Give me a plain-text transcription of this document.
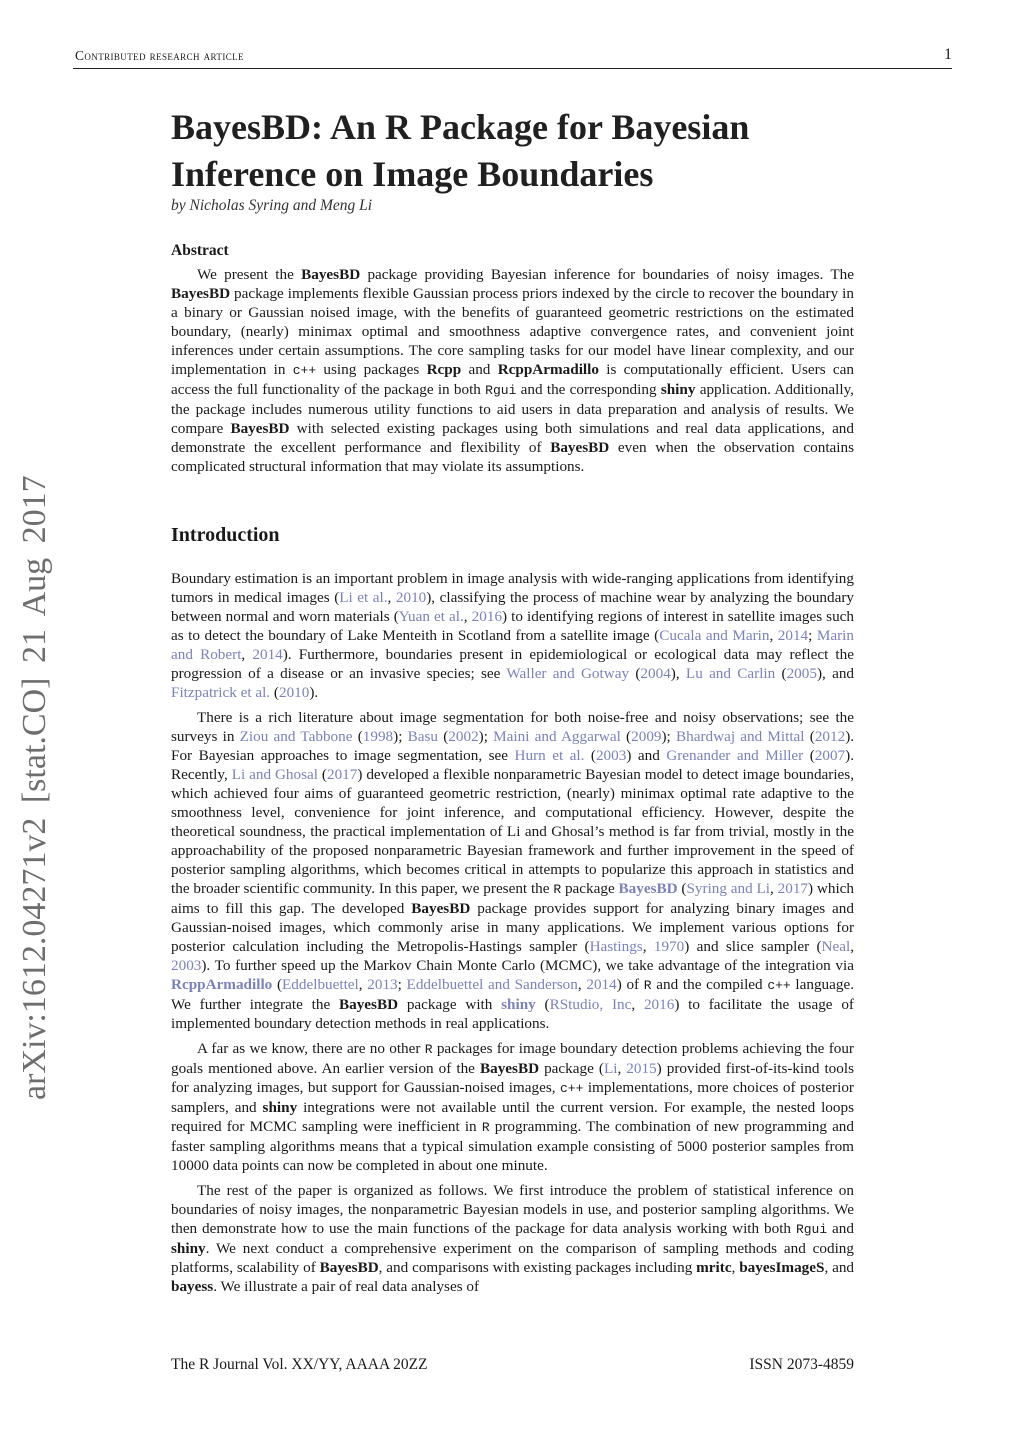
Contributed research article	1
arXiv:1612.04271v2 [stat.CO] 21 Aug 2017
BayesBD: An R Package for Bayesian Inference on Image Boundaries
by Nicholas Syring and Meng Li
Abstract

We present the BayesBD package providing Bayesian inference for boundaries of noisy images. The BayesBD package implements flexible Gaussian process priors indexed by the circle to recover the boundary in a binary or Gaussian noised image, with the benefits of guaranteed geometric restrictions on the estimated boundary, (nearly) minimax optimal and smoothness adaptive convergence rates, and convenient joint inferences under certain assumptions. The core sampling tasks for our model have linear complexity, and our implementation in c++ using packages Rcpp and RcppArmadillo is computationally efficient. Users can access the full functionality of the package in both Rgui and the corresponding shiny application. Additionally, the package includes numerous utility functions to aid users in data preparation and analysis of results. We compare BayesBD with selected existing packages using both simulations and real data applications, and demonstrate the excellent performance and flexibility of BayesBD even when the observation contains complicated structural information that may violate its assumptions.

Introduction

Boundary estimation is an important problem in image analysis with wide-ranging applications from identifying tumors in medical images (Li et al., 2010), classifying the process of machine wear by analyzing the boundary between normal and worn materials (Yuan et al., 2016) to identifying regions of interest in satellite images such as to detect the boundary of Lake Menteith in Scotland from a satellite image (Cucala and Marin, 2014; Marin and Robert, 2014). Furthermore, boundaries present in epidemiological or ecological data may reflect the progression of a disease or an invasive species; see Waller and Gotway (2004), Lu and Carlin (2005), and Fitzpatrick et al. (2010).

There is a rich literature about image segmentation for both noise-free and noisy observations; see the surveys in Ziou and Tabbone (1998); Basu (2002); Maini and Aggarwal (2009); Bhardwaj and Mittal (2012). For Bayesian approaches to image segmentation, see Hurn et al. (2003) and Grenander and Miller (2007). Recently, Li and Ghosal (2017) developed a flexible nonparametric Bayesian model to detect image boundaries, which achieved four aims of guaranteed geometric restriction, (nearly) minimax optimal rate adaptive to the smoothness level, convenience for joint inference, and computational efficiency. However, despite the theoretical soundness, the practical implementation of Li and Ghosal’s method is far from trivial, mostly in the approachability of the proposed nonparametric Bayesian framework and further improvement in the speed of posterior sampling algorithms, which becomes critical in attempts to popularize this approach in statistics and the broader scientific community. In this paper, we present the R package BayesBD (Syring and Li, 2017) which aims to fill this gap. The developed BayesBD package provides support for analyzing binary images and Gaussian-noised images, which commonly arise in many applications. We implement various options for posterior calculation including the Metropolis-Hastings sampler (Hastings, 1970) and slice sampler (Neal, 2003). To further speed up the Markov Chain Monte Carlo (MCMC), we take advantage of the integration via RcppArmadillo (Eddelbuettel, 2013; Eddelbuettel and Sanderson, 2014) of R and the compiled c++ language. We further integrate the BayesBD package with shiny (RStudio, Inc, 2016) to facilitate the usage of implemented boundary detection methods in real applications.

A far as we know, there are no other R packages for image boundary detection problems achieving the four goals mentioned above. An earlier version of the BayesBD package (Li, 2015) provided first-of-its-kind tools for analyzing images, but support for Gaussian-noised images, c++ implementations, more choices of posterior samplers, and shiny integrations were not available until the current version. For example, the nested loops required for MCMC sampling were inefficient in R programming. The combination of new programming and faster sampling algorithms means that a typical simulation example consisting of 5000 posterior samples from 10000 data points can now be completed in about one minute.

The rest of the paper is organized as follows. We first introduce the problem of statistical inference on boundaries of noisy images, the nonparametric Bayesian models in use, and posterior sampling algorithms. We then demonstrate how to use the main functions of the package for data analysis working with both Rgui and shiny. We next conduct a comprehensive experiment on the comparison of sampling methods and coding platforms, scalability of BayesBD, and comparisons with existing packages including mritc, bayesImageS, and bayess. We illustrate a pair of real data analyses of

The R Journal Vol. XX/YY, AAAA 20ZZ	ISSN 2073-4859
